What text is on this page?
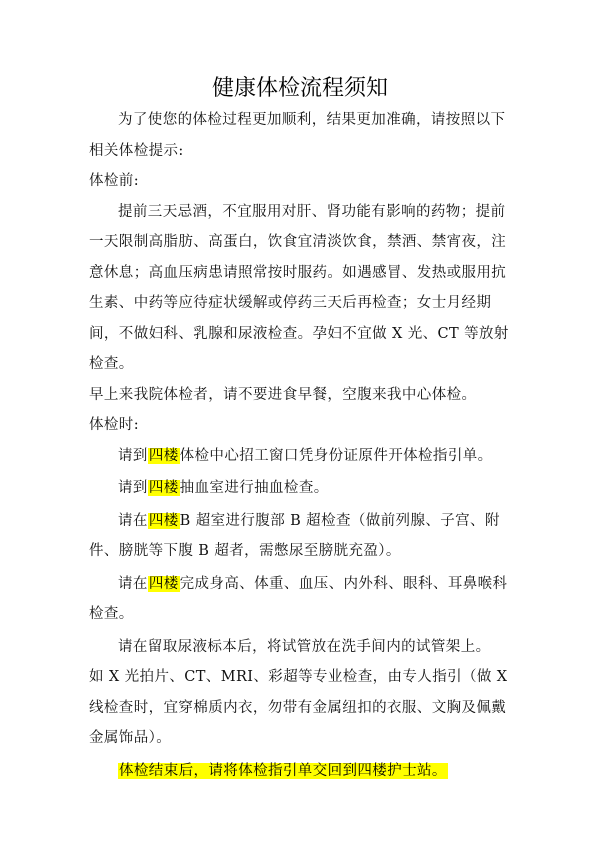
健康体检流程须知

为了使您的体检过程更加顺利，结果更加准确，请按照以下相关体检提示:

体检前:

提前三天忌酒，不宜服用对肝、肾功能有影响的药物；提前一天限制高脂肪、高蛋白，饮食宜清淡饮食，禁酒、禁宵夜，注意休息；高血压病患请照常按时服药。如遇感冒、发热或服用抗生素、中药等应待症状缓解或停药三天后再检查；女士月经期间，不做妇科、乳腺和尿液检查。孕妇不宜做 X 光、CT 等放射检查。

早上来我院体检者，请不要进食早餐，空腹来我中心体检。

体检时:

请到四楼体检中心招工窗口凭身份证原件开体检指引单。

请到四楼抽血室进行抽血检查。

请在四楼B 超室进行腹部 B 超检查（做前列腺、子宫、附件、膀胱等下腹 B 超者，需憋尿至膀胱充盈）。

请在四楼完成身高、体重、血压、内外科、眼科、耳鼻喉科检查。

请在留取尿液标本后，将试管放在洗手间内的试管架上。

如 X 光拍片、CT、MRI、彩超等专业检查，由专人指引（做 X 线检查时，宜穿棉质内衣，勿带有金属纽扣的衣服、文胸及佩戴金属饰品）。

体检结束后，请将体检指引单交回到四楼护士站。
